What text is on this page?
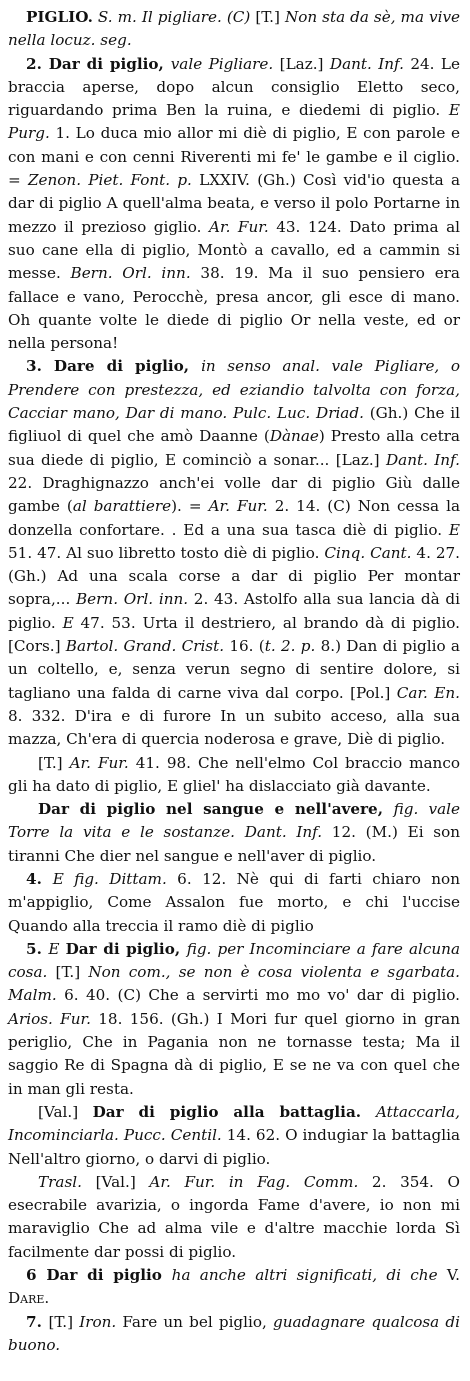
PIGLIO. S. m. Il pigliare. (C) [T.] Non sta da sè, ma vive nella locuz. seg.

2. Dar di piglio, vale Pigliare. [Laz.] Dant. Inf. 24. Le braccia aperse, dopo alcun consiglio Eletto seco, riguardando prima Ben la ruina, e diedemi di piglio. E Purg. 1. Lo duca mio allor mi diè di piglio, E con parole e con mani e con cenni Riverenti mi fe' le gambe e il ciglio. = Zenon. Piet. Font. p. LXXIV. (Gh.) Così vid'io questa a dar di piglio A quell'alma beata, e verso il polo Portarne in mezzo il prezioso giglio. Ar. Fur. 43. 124. Dato prima al suo cane ella di piglio, Montò a cavallo, ed a cammin si messe. Bern. Orl. inn. 38. 19. Ma il suo pensiero era fallace e vano, Perocchè, presa ancor, gli esce di mano. Oh quante volte le diede di piglio Or nella veste, ed or nella persona!

3. Dare di piglio, in senso anal. vale Pigliare, o Prendere con prestezza, ed eziandio talvolta con forza, Cacciar mano, Dar di mano. Pulc. Luc. Driad. (Gh.) Che il figliuol di quel che amò Daanne (Dànae) Presto alla cetra sua diede di piglio, E cominciò a sonar... [Laz.] Dant. Inf. 22. Draghignazzo anch'ei volle dar di piglio Giù dalle gambe (al barattiere). = Ar. Fur. 2. 14. (C) Non cessa la donzella confortare. . Ed a una sua tasca diè di piglio. E 51. 47. Al suo libretto tosto diè di piglio. Cinq. Cant. 4. 27. (Gh.) Ad una scala corse a dar di piglio Per montar sopra,... Bern. Orl. inn. 2. 43. Astolfo alla sua lancia dà di piglio. E 47. 53. Urta il destriero, al brando dà di piglio. [Cors.] Bartol. Grand. Crist. 16. (t. 2. p. 8.) Dan di piglio a un coltello, e, senza verun segno di sentire dolore, si tagliano una falda di carne viva dal corpo. [Pol.] Car. En. 8. 332. D'ira e di furore In un subito acceso, alla sua mazza, Ch'era di quercia noderosa e grave, Diè di piglio.

[T.] Ar. Fur. 41. 98. Che nell'elmo Col braccio manco gli ha dato di piglio, E gliel' ha dislacciato già davante.

Dar di piglio nel sangue e nell'avere, fig. vale Torre la vita e le sostanze. Dant. Inf. 12. (M.) Ei son tiranni Che dier nel sangue e nell'aver di piglio.

4. E fig. Dittam. 6. 12. Nè qui di farti chiaro non m'appiglio, Come Assalon fue morto, e chi l'uccise Quando alla treccia il ramo diè di piglio

5. E Dar di piglio, fig. per Incominciare a fare alcuna cosa. [T.] Non com., se non è cosa violenta e sgarbata. Malm. 6. 40. (C) Che a servirti mo mo vo' dar di piglio. Arios. Fur. 18. 156. (Gh.) I Mori fur quel giorno in gran periglio, Che in Pagania non ne tornasse testa; Ma il saggio Re di Spagna dà di piglio, E se ne va con quel che in man gli resta.

[Val.] Dar di piglio alla battaglia. Attaccarla, Incominciarla. Pucc. Centil. 14. 62. O indugiar la battaglia Nell'altro giorno, o darvi di piglio.

Trasl. [Val.] Ar. Fur. in Fag. Comm. 2. 354. O esecrabile avarizia, o ingorda Fame d'avere, io non mi maraviglio Che ad alma vile e d'altre macchie lorda Sì facilmente dar possi di piglio.

6 Dar di piglio ha anche altri significati, di che V. Dare.

7. [T.] Iron. Fare un bel piglio, guadagnare qualcosa di buono.
